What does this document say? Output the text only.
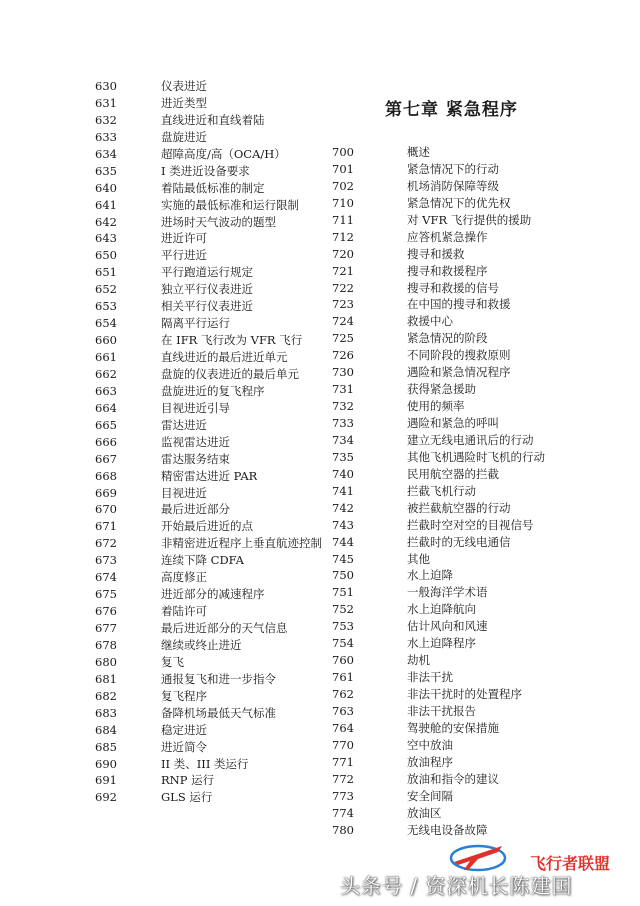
第七章 紧急程序
630	仪表进近
631	进近类型
632	直线进近和直线着陆
633	盘旋进近
634	超障高度/高（OCA/H）
635	I 类进近设备要求
640	着陆最低标准的制定
641	实施的最低标准和运行限制
642	进场时天气波动的题型
643	进近许可
650	平行进近
651	平行跑道运行规定
652	独立平行仪表进近
653	相关平行仪表进近
654	隔离平行运行
660	在 IFR 飞行改为 VFR 飞行
661	直线进近的最后进近单元
662	盘旋的仪表进近的最后单元
663	盘旋进近的复飞程序
664	目视进近引导
665	雷达进近
666	监视雷达进近
667	雷达服务结束
668	精密雷达进近 PAR
669	目视进近
670	最后进近部分
671	开始最后进近的点
672	非精密进近程序上垂直航迹控制
673	连续下降 CDFA
674	高度修正
675	进近部分的减速程序
676	着陆许可
677	最后进近部分的天气信息
678	继续或终止进近
680	复飞
681	通报复飞和进一步指令
682	复飞程序
683	备降机场最低天气标准
684	稳定进近
685	进近简令
690	II 类、III 类运行
691	RNP 运行
692	GLS 运行
700	概述
701	紧急情况下的行动
702	机场消防保障等级
710	紧急情况下的优先权
711	对 VFR 飞行提供的援助
712	应答机紧急操作
720	搜寻和援救
721	搜寻和救援程序
722	搜寻和救援的信号
723	在中国的搜寻和救援
724	救援中心
725	紧急情况的阶段
726	不同阶段的搜救原则
730	遇险和紧急情况程序
731	获得紧急援助
732	使用的频率
733	遇险和紧急的呼叫
734	建立无线电通讯后的行动
735	其他飞机遇险时飞机的行动
740	民用航空器的拦截
741	拦截飞机行动
742	被拦截航空器的行动
743	拦截时空对空的目视信号
744	拦截时的无线电通信
745	其他
750	水上迫降
751	一般海洋学术语
752	水上迫降航向
753	估计风向和风速
754	水上迫降程序
760	劫机
761	非法干扰
762	非法干扰时的处置程序
763	非法干扰报告
764	驾驶舱的安保措施
770	空中放油
771	放油程序
772	放油和指令的建议
773	安全间隔
774	放油区
780	无线电设备故障
飞行者联盟
头条号 / 资深机长陈建国
